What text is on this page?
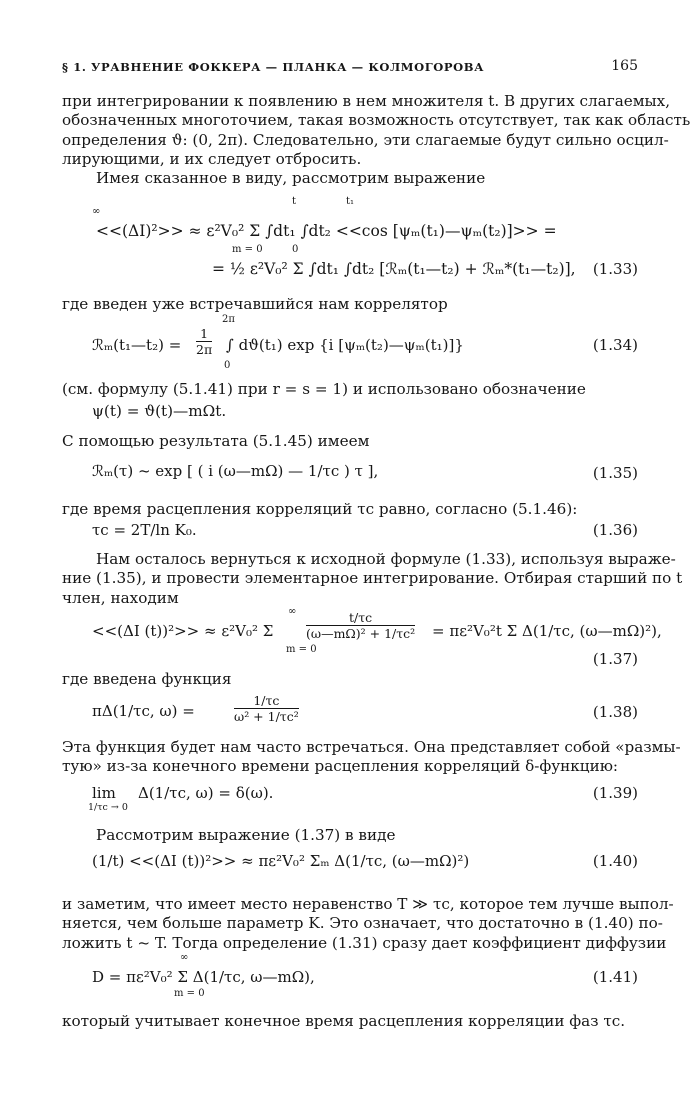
§ 1. УРАВНЕНИЕ ФОККЕРА — ПЛАНКА — КОЛМОГОРОВА	165
при интегрировании к появлению в нем множителя t. В других слагаемых,
обозначенных многоточием, такая возможность отсутствует, так как область
определения ϑ: (0, 2π). Следовательно, эти слагаемые будут сильно осцил-
лирующими, и их следует отбросить.
Имея сказанное в виду, рассмотрим выражение
∞
t	t₁
<<(ΔI)²>> ≈ ε²V₀² Σ ∫dt₁ ∫dt₂ <<cos [ψₘ(t₁)—ψₘ(t₂)]>> =
m = 0	0
= ½ ε²V₀² Σ ∫dt₁ ∫dt₂ [ℛₘ(t₁—t₂) + ℛₘ*(t₁—t₂)], (1.33)
где введен уже встречавшийся нам коррелятор
ℛₘ(t₁—t₂) = $\frac{1}{2\pi}$
2π
∫ dϑ(t₁) exp {i [ψₘ(t₂)—ψₘ(t₁)]}
0
(1.34)
(см. формулу (5.1.41) при r = s = 1) и использовано обозначение
ψ(t) = ϑ(t)—mΩt.
С помощью результата (5.1.45) имеем
ℛₘ(τ) ~ exp [ ( i (ω—mΩ) — 1/τc ) τ ],	(1.35)
где время расцепления корреляций τc равно, согласно (5.1.46):
τc = 2T/ln K₀.	(1.36)
Нам осталось вернуться к исходной формуле (1.33), используя выраже-
ние (1.35), и провести элементарное интегрирование. Отбирая старший по t
член, находим
∞
<<(ΔI (t))²>> ≈ ε²V₀² Σ	$\frac{t/\tau c}{\text{(ω—mΩ)² + 1/τc²}} = \pi\varepsilon^2V_0^2t$ Σ Δ(1/τc, (ω—mΩ)²),
m = 0
(1.37)
где введена функция
πΔ(1/τc, ω) =	$\frac{1/\tau c}{\text{ω² + 1/τc²}}$	(1.38)
Эта функция будет нам часто встречаться. Она представляет собой «размы-
тую» из-за конечного времени расцепления корреляций δ-функцию:
lim
1/τc → 0
Δ(1/τc, ω) = δ(ω).	(1.39)
Рассмотрим выражение (1.37) в виде
(1/t) <<(ΔI (t))²>> ≈ πε²V₀² Σₘ Δ(1/τc, (ω—mΩ)²)	(1.40)
и заметим, что имеет место неравенство T ≫ τc, которое тем лучше выпол-
няется, чем больше параметр K. Это означает, что достаточно в (1.40) по-
ложить t ~ T. Тогда определение (1.31) сразу дает коэффициент диффузии
∞
D = πε²V₀² Σ Δ(1/τc, ω—mΩ),
m = 0
(1.41)
который учитывает конечное время расцепления корреляции фаз τc.
